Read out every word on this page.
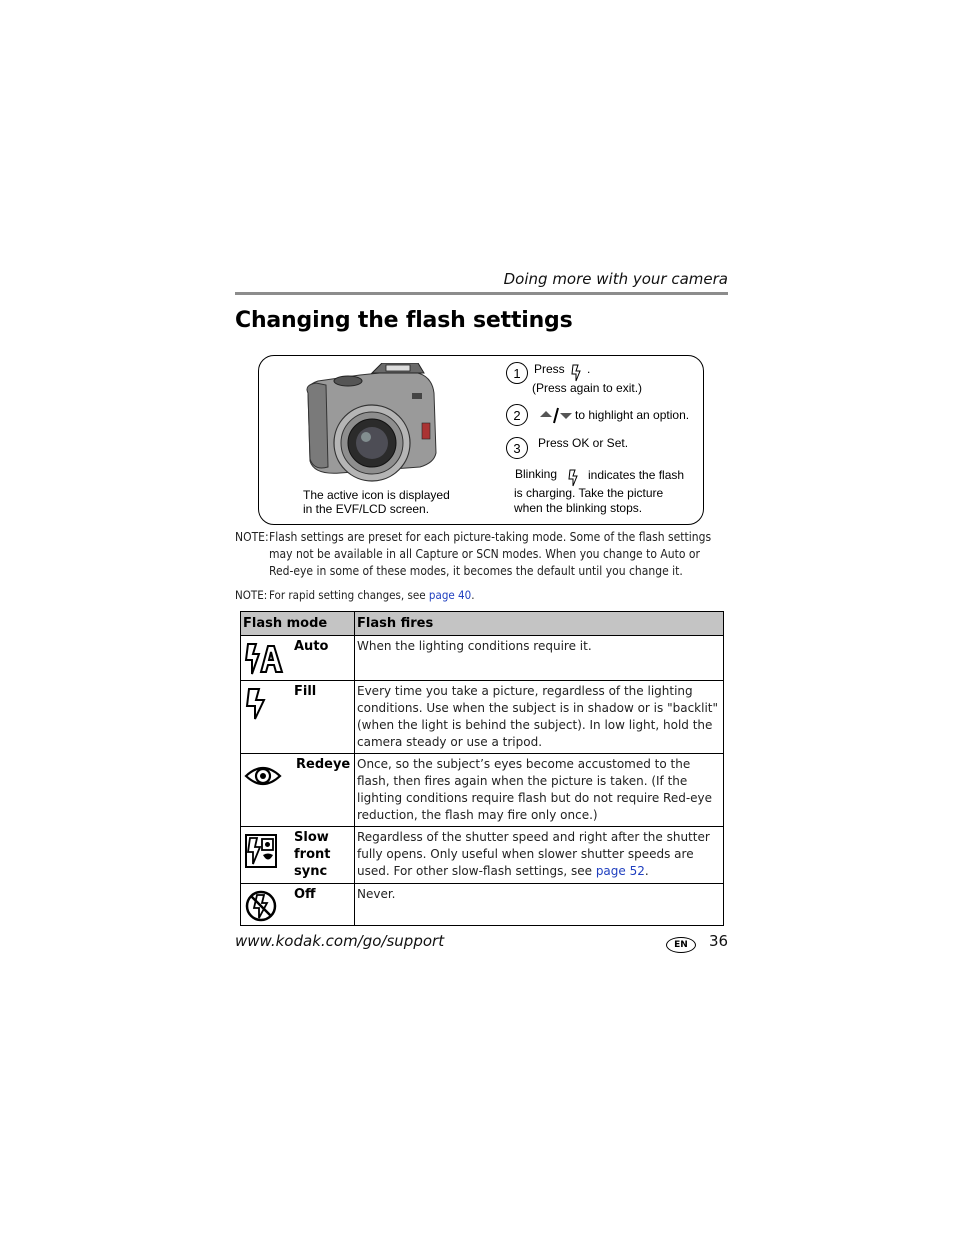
Doing more with your camera
Changing the flash settings
The active icon is displayed
in the EVF/LCD screen.
1	Press .
(Press again to exit.)
2	to highlight an option.
3	Press OK or Set.
Blinking	indicates the flash
is charging. Take the picture
when the blinking stops.
NOTE: Flash settings are preset for each picture-taking mode. Some of the flash settings may not be available in all Capture or SCN modes. When you change to Auto or Red-eye in some of these modes, it becomes the default until you change it.
NOTE: For rapid setting changes, see page 40.
Flash mode	Flash fires

Auto	When the lighting conditions require it.

Fill	Every time you take a picture, regardless of the lighting conditions. Use when the subject is in shadow or is "backlit" (when the light is behind the subject). In low light, hold the camera steady or use a tripod.

Redeye	Once, so the subject’s eyes become accustomed to the flash, then fires again when the picture is taken. (If the lighting conditions require flash but do not require Red-eye reduction, the flash may fire only once.)

Slow
front
sync	Regardless of the shutter speed and right after the shutter fully opens. Only useful when slower shutter speeds are used. For other slow-flash settings, see page 52.

Off	Never.
www.kodak.com/go/support	EN	36
